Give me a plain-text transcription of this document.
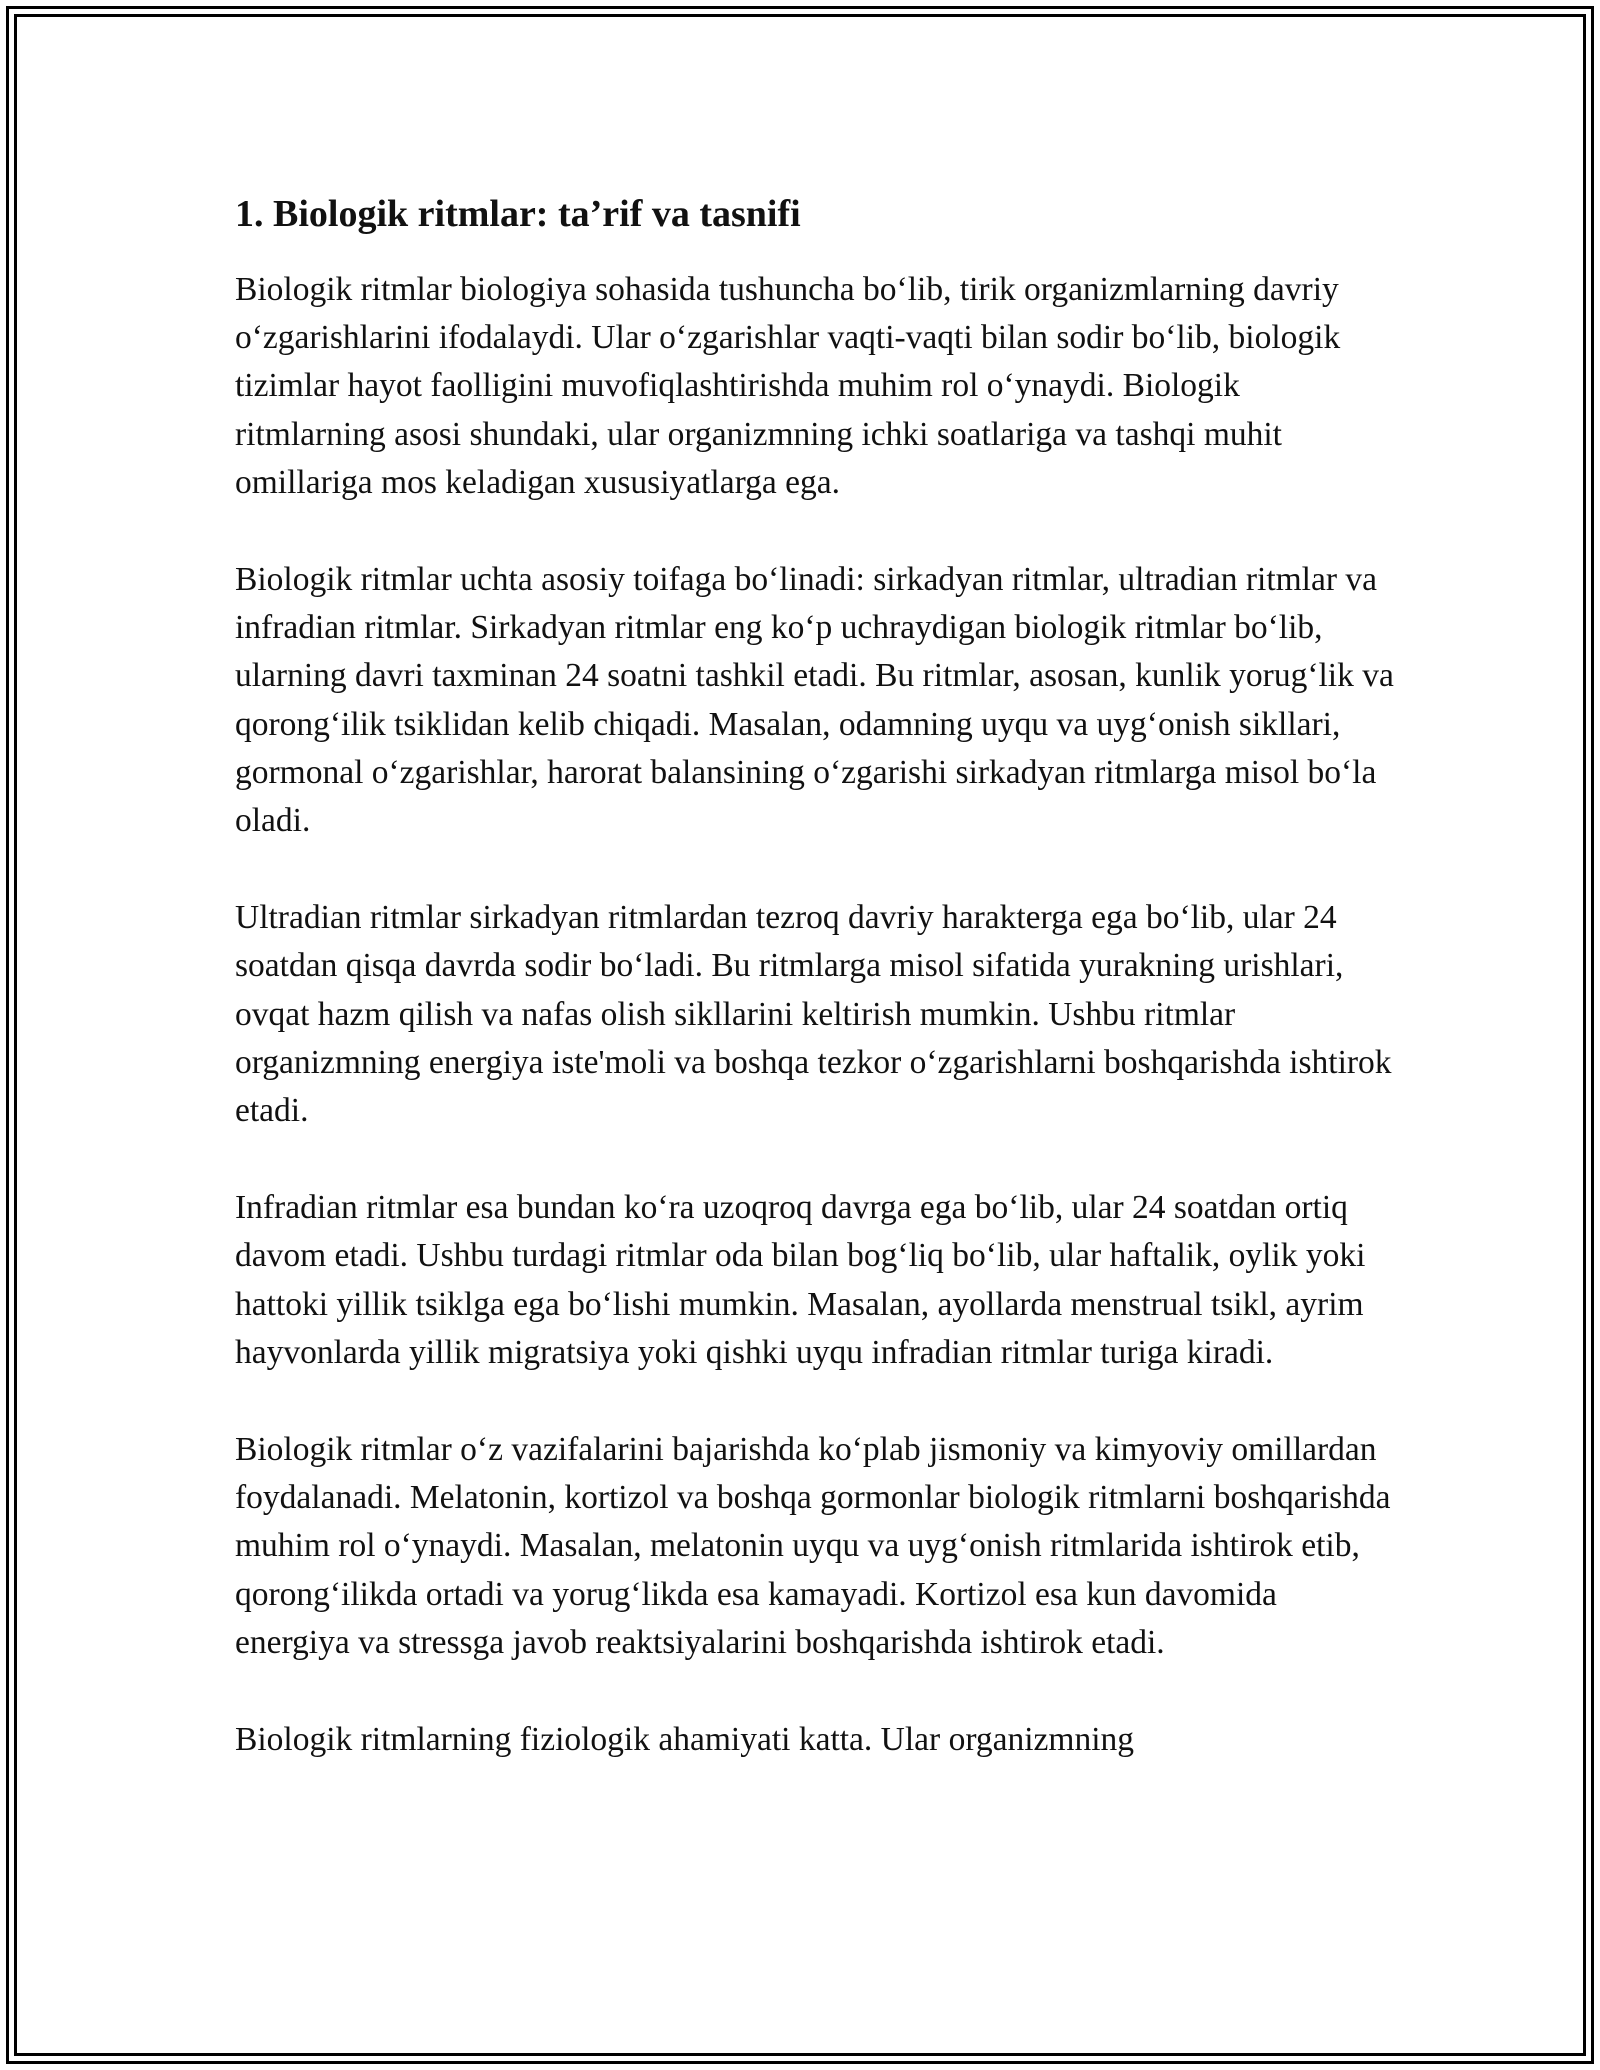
1. Biologik ritmlar: ta’rif va tasnifi

Biologik ritmlar biologiya sohasida tushuncha bo‘lib, tirik organizmlarning davriy o‘zgarishlarini ifodalaydi. Ular o‘zgarishlar vaqti-vaqti bilan sodir bo‘lib, biologik tizimlar hayot faolligini muvofiqlashtirishda muhim rol o‘ynaydi. Biologik ritmlarning asosi shundaki, ular organizmning ichki soatlariga va tashqi muhit omillariga mos keladigan xususiyatlarga ega.

Biologik ritmlar uchta asosiy toifaga bo‘linadi: sirkadyan ritmlar, ultradian ritmlar va infradian ritmlar. Sirkadyan ritmlar eng ko‘p uchraydigan biologik ritmlar bo‘lib, ularning davri taxminan 24 soatni tashkil etadi. Bu ritmlar, asosan, kunlik yorug‘lik va qorong‘ilik tsiklidan kelib chiqadi. Masalan, odamning uyqu va uyg‘onish sikllari, gormonal o‘zgarishlar, harorat balansining o‘zgarishi sirkadyan ritmlarga misol bo‘la oladi.

Ultradian ritmlar sirkadyan ritmlardan tezroq davriy harakterga ega bo‘lib, ular 24 soatdan qisqa davrda sodir bo‘ladi. Bu ritmlarga misol sifatida yurakning urishlari, ovqat hazm qilish va nafas olish sikllarini keltirish mumkin. Ushbu ritmlar organizmning energiya iste'moli va boshqa tezkor o‘zgarishlarni boshqarishda ishtirok etadi.

Infradian ritmlar esa bundan ko‘ra uzoqroq davrga ega bo‘lib, ular 24 soatdan ortiq davom etadi. Ushbu turdagi ritmlar oda bilan bog‘liq bo‘lib, ular haftalik, oylik yoki hattoki yillik tsiklga ega bo‘lishi mumkin. Masalan, ayollarda menstrual tsikl, ayrim hayvonlarda yillik migratsiya yoki qishki uyqu infradian ritmlar turiga kiradi.

Biologik ritmlar o‘z vazifalarini bajarishda ko‘plab jismoniy va kimyoviy omillardan foydalanadi. Melatonin, kortizol va boshqa gormonlar biologik ritmlarni boshqarishda muhim rol o‘ynaydi. Masalan, melatonin uyqu va uyg‘onish ritmlarida ishtirok etib, qorong‘ilikda ortadi va yorug‘likda esa kamayadi. Kortizol esa kun davomida energiya va stressga javob reaktsiyalarini boshqarishda ishtirok etadi.

Biologik ritmlarning fiziologik ahamiyati katta. Ular organizmning
